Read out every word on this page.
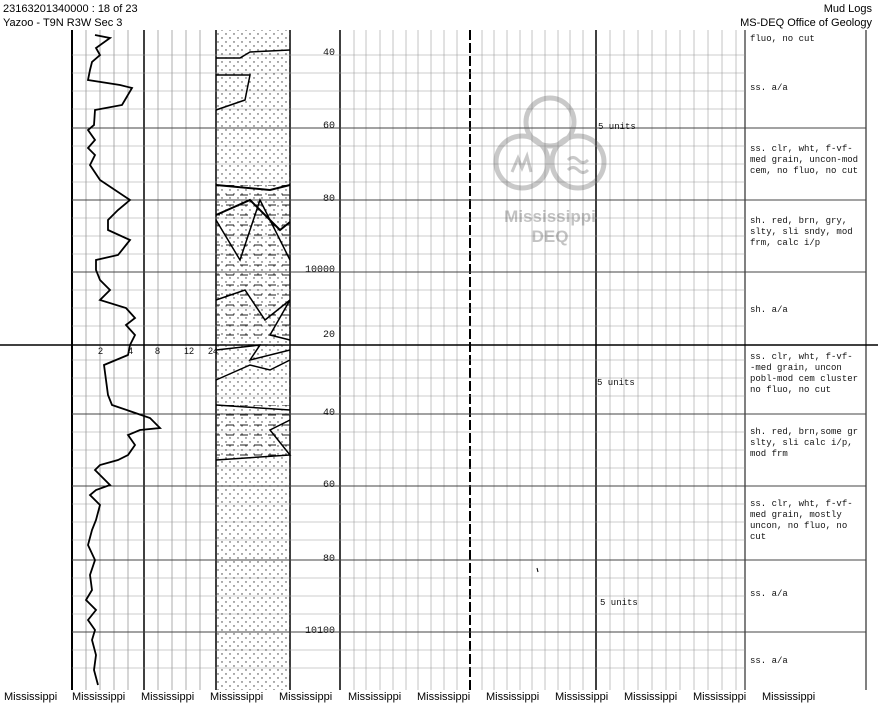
23163201340000 : 18 of 23
Yazoo - T9N R3W Sec 3
Mud Logs
MS-DEQ Office of Geology
2	4 8	12 24
40
60
80
10000
20
40
60
80
10100
5 units
5 units
5 units
fluo, no cut
ss. a/a
ss. clr, wht, f-vf-
med grain, uncon-mod
cem, no fluo, no cut
sh. red, brn, gry,
slty, sli sndy, mod
frm, calc i/p
sh. a/a
ss. clr, wht, f-vf-
-med grain, uncon
pobl-mod cem cluster
no fluo, no cut
sh. red, brn,some gr
slty, sli calc i/p,
mod frm
ss. clr, wht, f-vf-
med grain, mostly
uncon, no fluo, no
cut
ss. a/a
ss. a/a
Mississippi
DEQ
Mississippi Mississippi Mississippi Mississippi Mississippi Mississippi Mississippi Mississippi Mississippi Mississippi Mississippi Mississippi
